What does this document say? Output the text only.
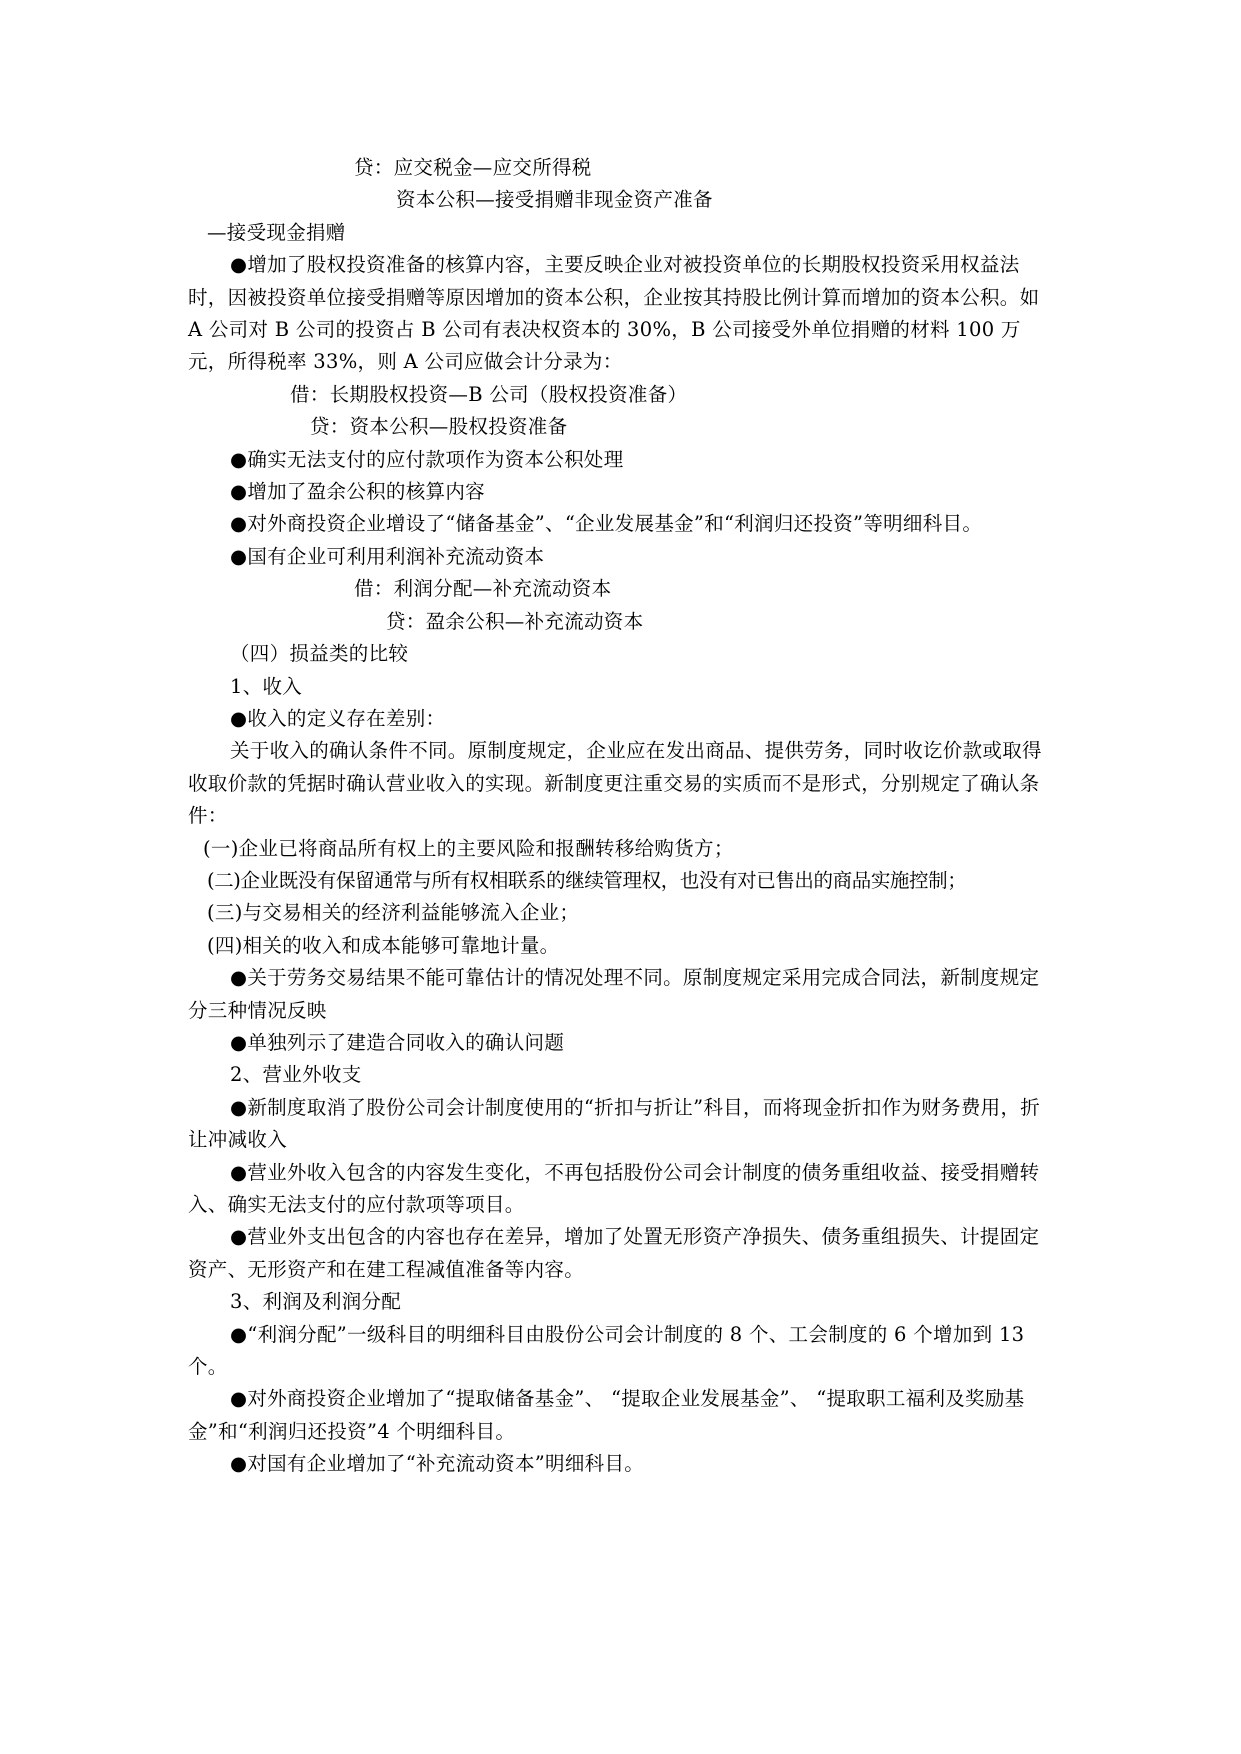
贷：应交税金—应交所得税

资本公积—接受捐赠非现金资产准备

—接受现金捐赠

●增加了股权投资准备的核算内容，主要反映企业对被投资单位的长期股权投资采用权益法时，因被投资单位接受捐赠等原因增加的资本公积，企业按其持股比例计算而增加的资本公积。如 A 公司对 B 公司的投资占 B 公司有表决权资本的 30%，B 公司接受外单位捐赠的材料 100 万元，所得税率 33%，则 A 公司应做会计分录为：

借：长期股权投资—B 公司（股权投资准备）

贷：资本公积—股权投资准备

●确实无法支付的应付款项作为资本公积处理

●增加了盈余公积的核算内容

●对外商投资企业增设了“储备基金”、“企业发展基金”和“利润归还投资”等明细科目。

●国有企业可利用利润补充流动资本

借：利润分配—补充流动资本

贷：盈余公积—补充流动资本

（四）损益类的比较

1、收入

●收入的定义存在差别：

关于收入的确认条件不同。原制度规定，企业应在发出商品、提供劳务，同时收讫价款或取得收取价款的凭据时确认营业收入的实现。新制度更注重交易的实质而不是形式，分别规定了确认条件：

(一)企业已将商品所有权上的主要风险和报酬转移给购货方；

(二)企业既没有保留通常与所有权相联系的继续管理权，也没有对已售出的商品实施控制；

(三)与交易相关的经济利益能够流入企业；

(四)相关的收入和成本能够可靠地计量。

●关于劳务交易结果不能可靠估计的情况处理不同。原制度规定采用完成合同法，新制度规定分三种情况反映

●单独列示了建造合同收入的确认问题

2、营业外收支

●新制度取消了股份公司会计制度使用的“折扣与折让”科目，而将现金折扣作为财务费用，折让冲减收入

●营业外收入包含的内容发生变化，不再包括股份公司会计制度的债务重组收益、接受捐赠转入、确实无法支付的应付款项等项目。

●营业外支出包含的内容也存在差异，增加了处置无形资产净损失、债务重组损失、计提固定资产、无形资产和在建工程减值准备等内容。

3、利润及利润分配

●“利润分配”一级科目的明细科目由股份公司会计制度的 8 个、工会制度的 6 个增加到 13 个。

●对外商投资企业增加了“提取储备基金”、 “提取企业发展基金”、 “提取职工福利及奖励基金”和“利润归还投资”4 个明细科目。

●对国有企业增加了“补充流动资本”明细科目。
